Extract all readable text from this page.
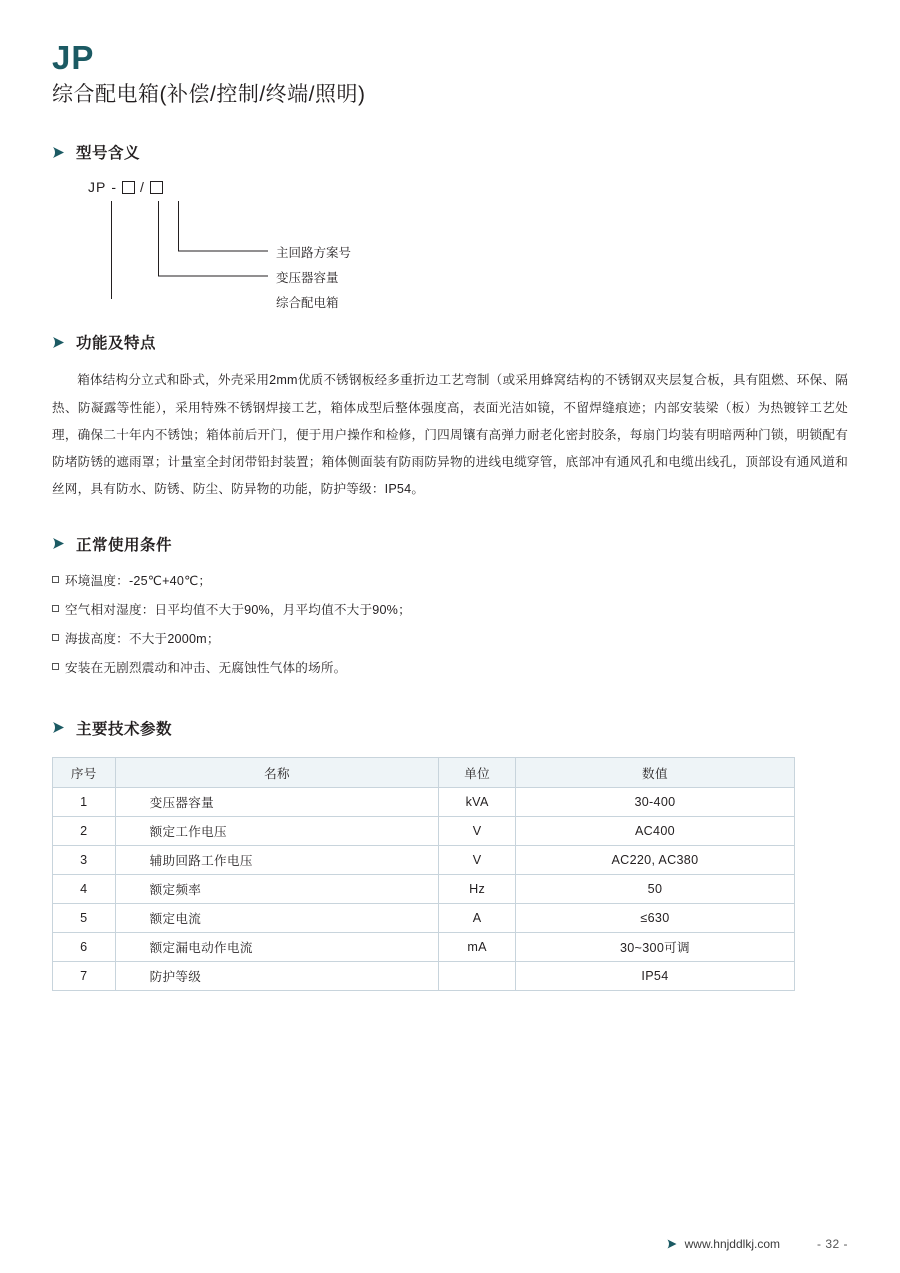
JP
综合配电箱(补偿/控制/终端/照明)
型号含义
JP - /
主回路方案号
变压器容量
综合配电箱
功能及特点

箱体结构分立式和卧式，外壳采用2mm优质不锈钢板经多重折边工艺弯制（或采用蜂窝结构的不锈钢双夹层复合板，具有阻燃、环保、隔热、防凝露等性能），采用特殊不锈钢焊接工艺，箱体成型后整体强度高，表面光洁如镜，不留焊缝痕迹；内部安装梁（板）为热镀锌工艺处理，确保二十年内不锈蚀；箱体前后开门，便于用户操作和检修，门四周镶有高弹力耐老化密封胶条，每扇门均装有明暗两种门锁，明锁配有防堵防锈的遮雨罩；计量室全封闭带铅封装置；箱体侧面装有防雨防异物的进线电缆穿管，底部冲有通风孔和电缆出线孔，顶部设有通风道和丝网，具有防水、防锈、防尘、防异物的功能，防护等级：IP54。

正常使用条件
环境温度：-25℃+40℃；
空气相对湿度：日平均值不大于90%，月平均值不大于90%；
海拔高度：不大于2000m；
安装在无剧烈震动和冲击、无腐蚀性气体的场所。
主要技术参数
序号	名称	单位	数值
1	变压器容量	kVA	30-400
2	额定工作电压	V	AC400
3	辅助回路工作电压	V	AC220, AC380
4	额定频率	Hz	50
5	额定电流	A	≤630
6	额定漏电动作电流	mA	30~300可调
7	防护等级		IP54
www.hnjddlkj.com	- 32 -
